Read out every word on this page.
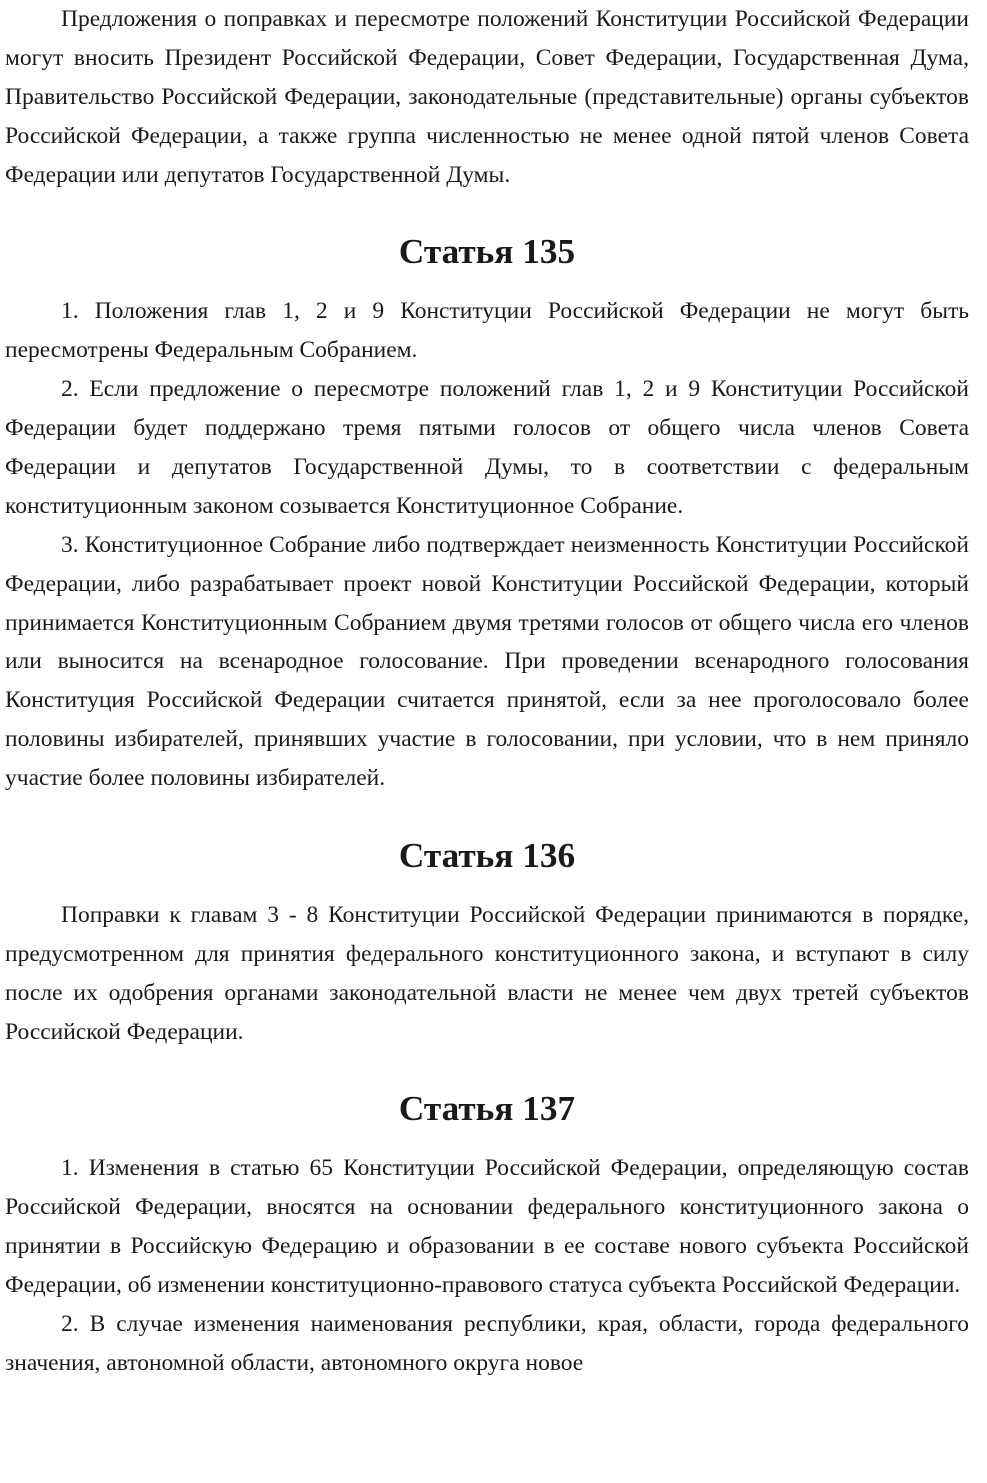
Предложения о поправках и пересмотре положений Конституции Российской Федерации могут вносить Президент Российской Федерации, Совет Федерации, Государственная Дума, Правительство Российской Федерации, законодательные (представительные) органы субъектов Российской Федерации, а также группа численностью не менее одной пятой членов Совета Федерации или депутатов Государственной Думы.

Статья 135

1. Положения глав 1, 2 и 9 Конституции Российской Федерации не могут быть пересмотрены Федеральным Собранием.

2. Если предложение о пересмотре положений глав 1, 2 и 9 Конституции Российской Федерации будет поддержано тремя пятыми голосов от общего числа членов Совета Федерации и депутатов Государственной Думы, то в соответствии с федеральным конституционным законом созывается Конституционное Собрание.

3. Конституционное Собрание либо подтверждает неизменность Конституции Российской Федерации, либо разрабатывает проект новой Конституции Российской Федерации, который принимается Конституционным Собранием двумя третями голосов от общего числа его членов или выносится на всенародное голосование. При проведении всенародного голосования Конституция Российской Федерации считается принятой, если за нее проголосовало более половины избирателей, принявших участие в голосовании, при условии, что в нем приняло участие более половины избирателей.

Статья 136

Поправки к главам 3 - 8 Конституции Российской Федерации принимаются в порядке, предусмотренном для принятия федерального конституционного закона, и вступают в силу после их одобрения органами законодательной власти не менее чем двух третей субъектов Российской Федерации.

Статья 137

1. Изменения в статью 65 Конституции Российской Федерации, определяющую состав Российской Федерации, вносятся на основании федерального конституционного закона о принятии в Российскую Федерацию и образовании в ее составе нового субъекта Российской Федерации, об изменении конституционно-правового статуса субъекта Российской Федерации.

2. В случае изменения наименования республики, края, области, города федерального значения, автономной области, автономного округа новое
